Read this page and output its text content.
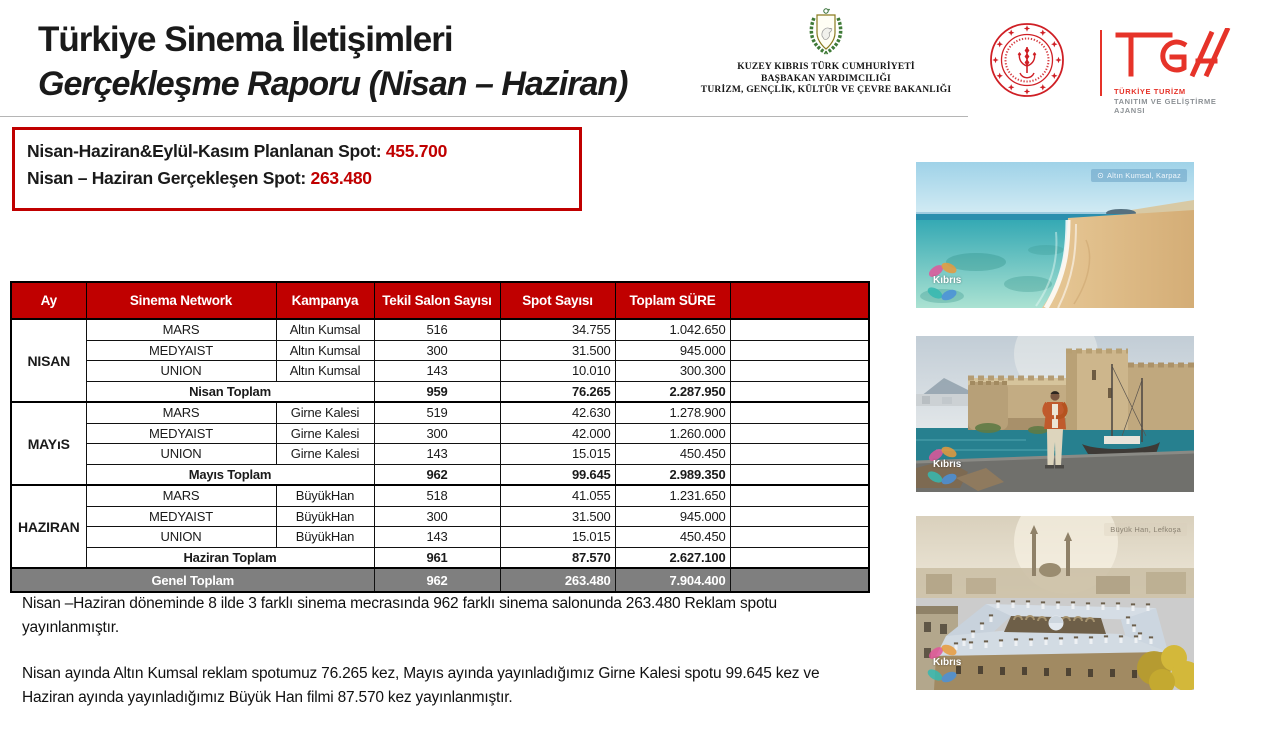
Türkiye Sinema İletişimleri
Gerçekleşme Raporu (Nisan – Haziran)	KUZEY KIBRIS TÜRK CUMHURİYETİ
BAŞBAKAN YARDIMCILIĞI
TURİZM, GENÇLİK, KÜLTÜR VE ÇEVRE BAKANLIĞI	TÜRKİYE TURİZM
TANITIM VE GELİŞTİRME
AJANSI
Nisan-Haziran&Eylül-Kasım Planlanan Spot: 455.700
Nisan – Haziran Gerçekleşen Spot: 263.480
Ay	Sinema Network	Kampanya	Tekil Salon Sayısı	Spot Sayısı	Toplam SÜRE	
NISAN	MARS	Altın Kumsal	516	34.755	1.042.650	
	MEDYAIST	Altın Kumsal	300	31.500	945.000	
	UNION	Altın Kumsal	143	10.010	300.300	
	Nisan Toplam		959	76.265	2.287.950	
MAYıS	MARS	Girne Kalesi	519	42.630	1.278.900	
	MEDYAIST	Girne Kalesi	300	42.000	1.260.000	
	UNION	Girne Kalesi	143	15.015	450.450	
	Mayıs Toplam		962	99.645	2.989.350	
HAZIRAN	MARS	BüyükHan	518	41.055	1.231.650	
	MEDYAIST	BüyükHan	300	31.500	945.000	
	UNION	BüyükHan	143	15.015	450.450	
	Haziran Toplam		961	87.570	2.627.100	
Genel Toplam			962	263.480	7.904.400	

Nisan –Haziran döneminde 8 ilde 3 farklı sinema mecrasında 962 farklı sinema salonunda 263.480 Reklam spotu yayınlanmıştır.

Nisan ayında Altın Kumsal reklam spotumuz 76.265 kez, Mayıs ayında yayınladığımız Girne Kalesi spotu 99.645 kez ve Haziran ayında yayınladığımız Büyük Han filmi 87.570 kez yayınlanmıştır.

⊙ Altın Kumsal, Karpaz
Kıbrıs
Kıbrıs
Büyük Han, Lefkoşa
Kıbrıs
